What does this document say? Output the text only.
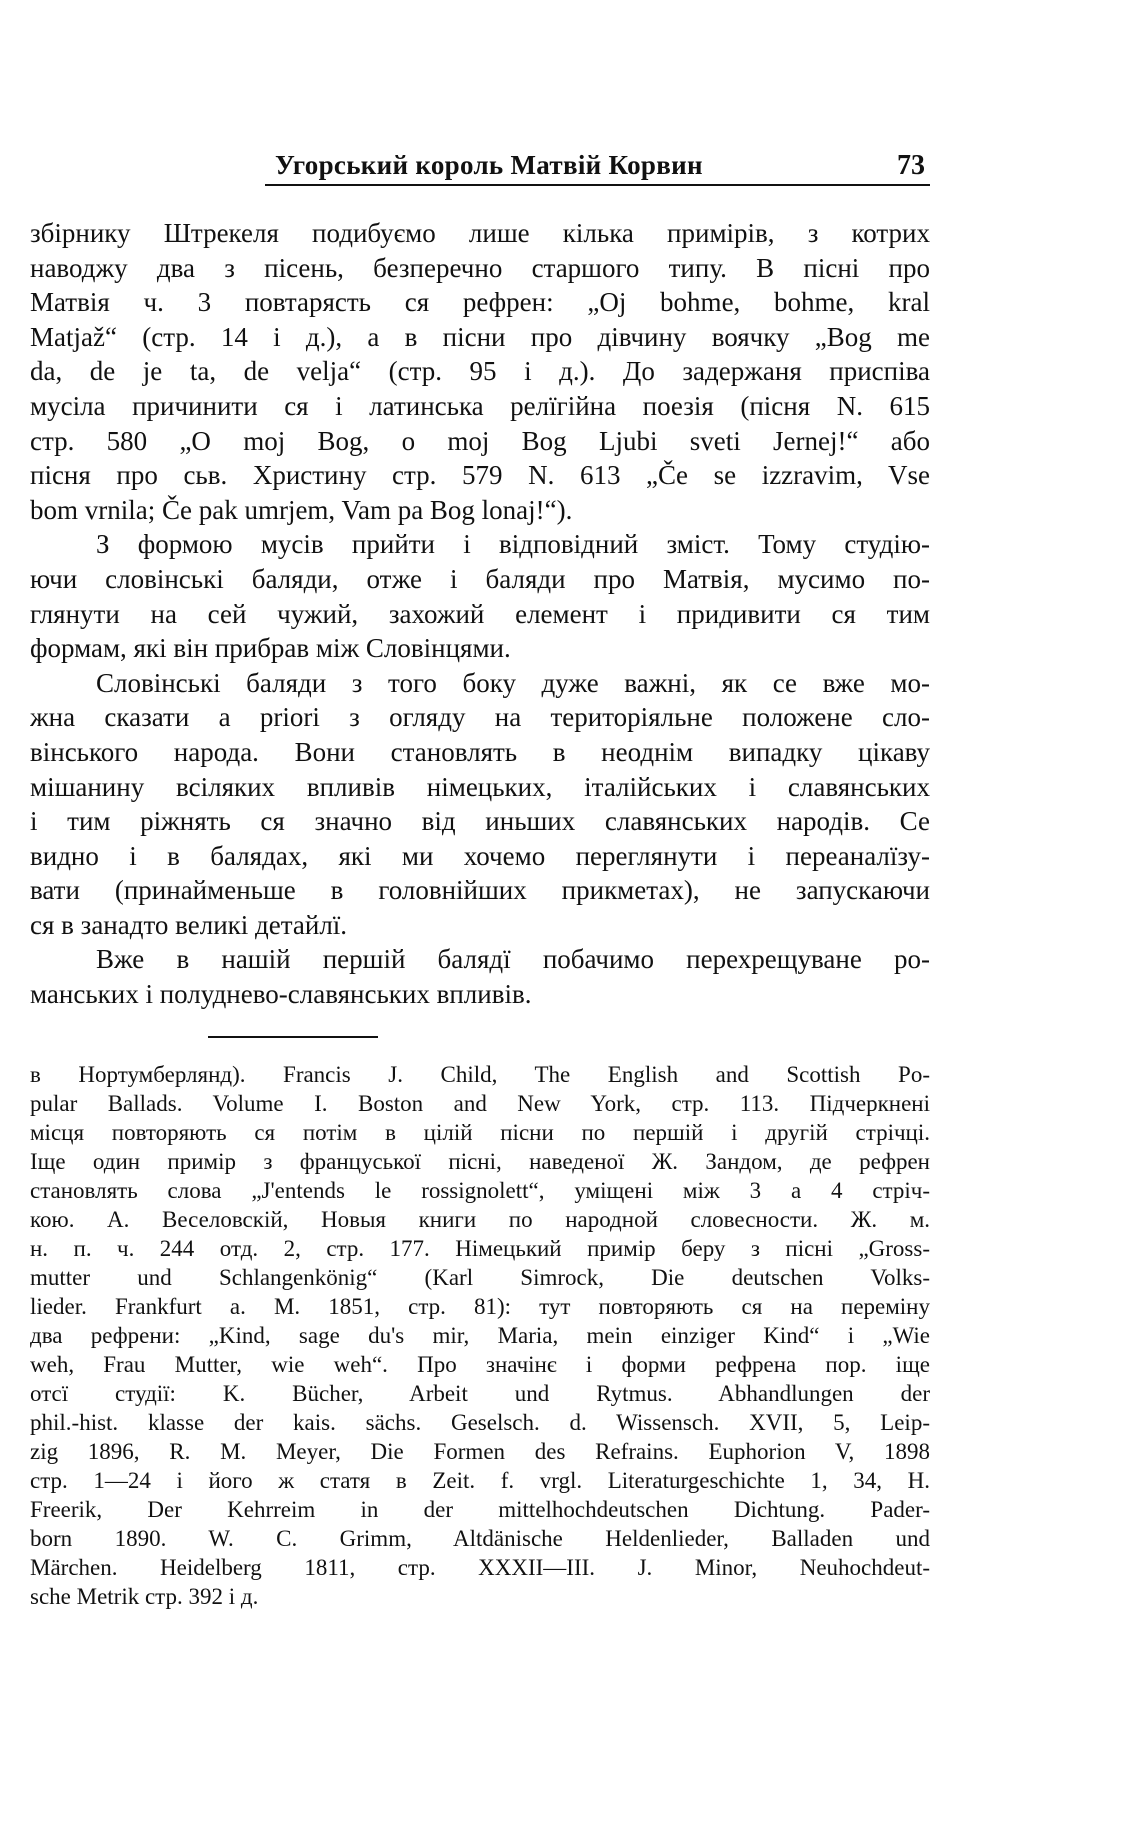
Угорський король Матвій Корвин	73
збірнику Штрекеля подибуємо лише кілька примірів, з котрих
наводжу два з пісень, безперечно старшого типу. В пісні про
Матвія ч. 3 повтарясть ся рефрен: „Oj bohme, bohme, kral
Matjaž“ (стр. 14 і д.), а в пісни про дівчину воячку „Bog me
da, de je ta, de velja“ (стр. 95 і д.). До задержаня приспіва
мусіла причинити ся і латинська релїгійна поезія (пісня N. 615
стр. 580 „O moj Bog, o moj Bog Ljubi sveti Jernej!“ або
пісня про сьв. Христину стр. 579 N. 613 „Če se izzravim, Vse
bom vrnila; Če pak umrjem, Vam pa Bog lonaj!“).
З формою мусів прийти і відповідний зміст. Тому студію-
ючи словінські баляди, отже і баляди про Матвія, мусимо по-
глянути на сей чужий, захожий елемент і придивити ся тим
формам, які він прибрав між Словінцями.
Словінські баляди з того боку дуже важні, як се вже мо-
жна сказати а priori з огляду на територіяльне положене сло-
вінського народа. Вони становлять в неоднім випадку цікаву
мішанину всіляких впливів німецьких, італійських і славянських
і тим ріжнять ся значно від иньших славянських народів. Се
видно і в балядах, які ми хочемо переглянути і переаналїзу-
вати (принайменьше в головнійших прикметах), не запускаючи
ся в занадто великі детайлї.
Вже в нашій першій балядї побачимо перехрещуване ро-
манських і полуднево-славянських впливів.
в Нортумберлянд). Francis J. Child, The English and Scottish Po-
pular Ballads. Volume I. Boston and New York, стр. 113. Підчеркнені
місця повторяють ся потім в цілій пісни по першій і другій стрічці.
Іще один примір з француської пісні, наведеної Ж. Зандом, де рефрен
становлять слова „J'entends le rossignolett“, уміщені між 3 а 4 стріч-
кою. А. Веселовскій, Новыя книги по народной словесности. Ж. м.
н. п. ч. 244 отд. 2, стр. 177. Німецький примір беру з пісні „Gross-
mutter und Schlangenkönig“ (Karl Simrock, Die deutschen Volks-
lieder. Frankfurt a. M. 1851, стр. 81): тут повторяють ся на переміну
два рефрени: „Kind, sage du's mir, Maria, mein einziger Kind“ і „Wie
weh, Frau Mutter, wie weh“. Про значінє і форми рефрена пор. іще
отсї студії: K. Bücher, Arbeit und Rytmus. Abhandlungen der
phil.-hist. klasse der kais. sächs. Geselsch. d. Wissensch. XVII, 5, Leip-
zig 1896, R. M. Meyer, Die Formen des Refrains. Euphorion V, 1898
стр. 1—24 і його ж статя в Zeit. f. vrgl. Literaturgeschichte 1, 34, H.
Freerik, Der Kehrreim in der mittelhochdeutschen Dichtung. Pader-
born 1890. W. C. Grimm, Altdänische Heldenlieder, Balladen und
Märchen. Heidelberg 1811, стр. XXXII—III. J. Minor, Neuhochdeut-
sche Metrik стр. 392 і д.
